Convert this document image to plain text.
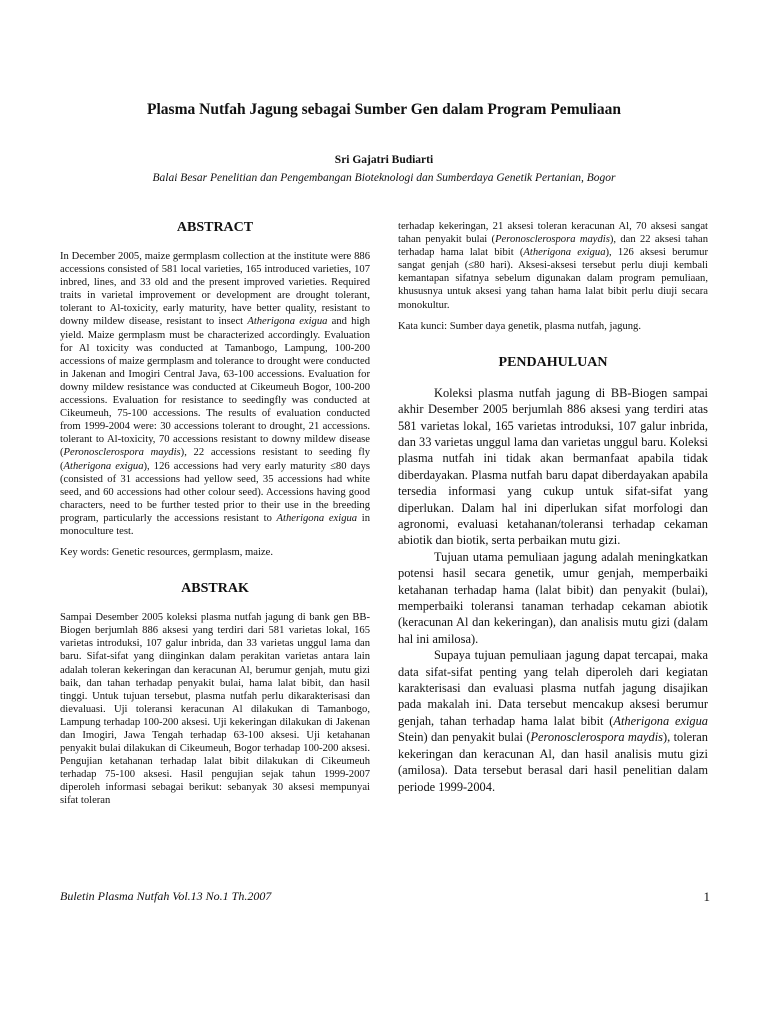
Plasma Nutfah Jagung sebagai Sumber Gen dalam Program Pemuliaan

Sri Gajatri Budiarti

Balai Besar Penelitian dan Pengembangan Bioteknologi dan Sumberdaya Genetik Pertanian, Bogor

ABSTRACT

In December 2005, maize germplasm collection at the institute were 886 accessions consisted of 581 local varieties, 165 introduced varieties, 107 inbred, lines, and 33 old and the present improved varieties. Required traits in varietal improvement or development are drought tolerant, tolerant to Al-toxicity, early maturity, have better quality, resistant to downy mildew disease, resistant to insect Atherigona exigua and high yield. Maize germplasm must be characterized accordingly. Evaluation for Al toxicity was conducted at Tamanbogo, Lampung, 100-200 accessions of maize germplasm and tolerance to drought were conducted in Jakenan and Imogiri Central Java, 63-100 accessions. Evaluation for downy mildew resistance was conducted at Cikeumeuh Bogor, 100-200 accessions. Evaluation for resistance to seedingfly was conducted at Cikeumeuh, 75-100 accessions. The results of evaluation conducted from 1999-2004 were: 30 accessions tolerant to drought, 21 accessions. tolerant to Al-toxicity, 70 accessions resistant to downy mildew disease (Peronosclerospora maydis), 22 accessions resistant to seeding fly (Atherigona exigua), 126 accessions had very early maturity ≤80 days (consisted of 31 accessions had yellow seed, 35 accessions had white seed, and 60 accessions had other colour seed). Accessions having good characters, need to be further tested prior to their use in the breeding program, particularly the accessions resistant to Atherigona exigua in monoculture test.

Key words: Genetic resources, germplasm, maize.

ABSTRAK

Sampai Desember 2005 koleksi plasma nutfah jagung di bank gen BB-Biogen berjumlah 886 aksesi yang terdiri dari 581 varietas lokal, 165 varietas introduksi, 107 galur inbrida, dan 33 varietas unggul lama dan baru. Sifat-sifat yang diinginkan dalam perakitan varietas antara lain adalah toleran kekeringan dan keracunan Al, berumur genjah, mutu gizi baik, dan tahan terhadap penyakit bulai, hama lalat bibit, dan hasil tinggi. Untuk tujuan tersebut, plasma nutfah perlu dikarakterisasi dan dievaluasi. Uji toleransi keracunan Al dilakukan di Tamanbogo, Lampung terhadap 100-200 aksesi. Uji kekeringan dilakukan di Jakenan dan Imogiri, Jawa Tengah terhadap 63-100 aksesi. Uji ketahanan penyakit bulai dilakukan di Cikeumeuh, Bogor terhadap 100-200 aksesi. Pengujian ketahanan terhadap lalat bibit dilakukan di Cikeumeuh terhadap 75-100 aksesi. Hasil pengujian sejak tahun 1999-2007 diperoleh informasi sebagai berikut: sebanyak 30 aksesi mempunyai sifat toleran

terhadap kekeringan, 21 aksesi toleran keracunan Al, 70 aksesi sangat tahan penyakit bulai (Peronosclerospora maydis), dan 22 aksesi tahan terhadap hama lalat bibit (Atherigona exigua), 126 aksesi berumur sangat genjah (≤80 hari). Aksesi-aksesi tersebut perlu diuji kembali kemantapan sifatnya sebelum digunakan dalam program pemuliaan, khususnya untuk aksesi yang tahan hama lalat bibit perlu diuji secara monokultur.

Kata kunci: Sumber daya genetik, plasma nutfah, jagung.

PENDAHULUAN

Koleksi plasma nutfah jagung di BB-Biogen sampai akhir Desember 2005 berjumlah 886 aksesi yang terdiri atas 581 varietas lokal, 165 varietas introduksi, 107 galur inbrida, dan 33 varietas unggul lama dan varietas unggul baru. Koleksi plasma nutfah ini tidak akan bermanfaat apabila tidak diberdayakan. Plasma nutfah baru dapat diberdayakan apabila tersedia informasi yang cukup untuk sifat-sifat yang diperlukan. Dalam hal ini diperlukan sifat morfologi dan agronomi, evaluasi ketahanan/toleransi terhadap cekaman abiotik dan biotik, serta perbaikan mutu gizi.

Tujuan utama pemuliaan jagung adalah meningkatkan potensi hasil secara genetik, umur genjah, memperbaiki ketahanan terhadap hama (lalat bibit) dan penyakit (bulai), memperbaiki toleransi tanaman terhadap cekaman abiotik (keracunan Al dan kekeringan), dan analisis mutu gizi (dalam hal ini amilosa).

Supaya tujuan pemuliaan jagung dapat tercapai, maka data sifat-sifat penting yang telah diperoleh dari kegiatan karakterisasi dan evaluasi plasma nutfah jagung disajikan pada makalah ini. Data tersebut mencakup aksesi berumur genjah, tahan terhadap hama lalat bibit (Atherigona exigua Stein) dan penyakit bulai (Peronosclerospora maydis), toleran kekeringan dan keracunan Al, dan hasil analisis mutu gizi (amilosa). Data tersebut berasal dari hasil penelitian dalam periode 1999-2004.

Buletin Plasma Nutfah Vol.13 No.1 Th.2007	1
